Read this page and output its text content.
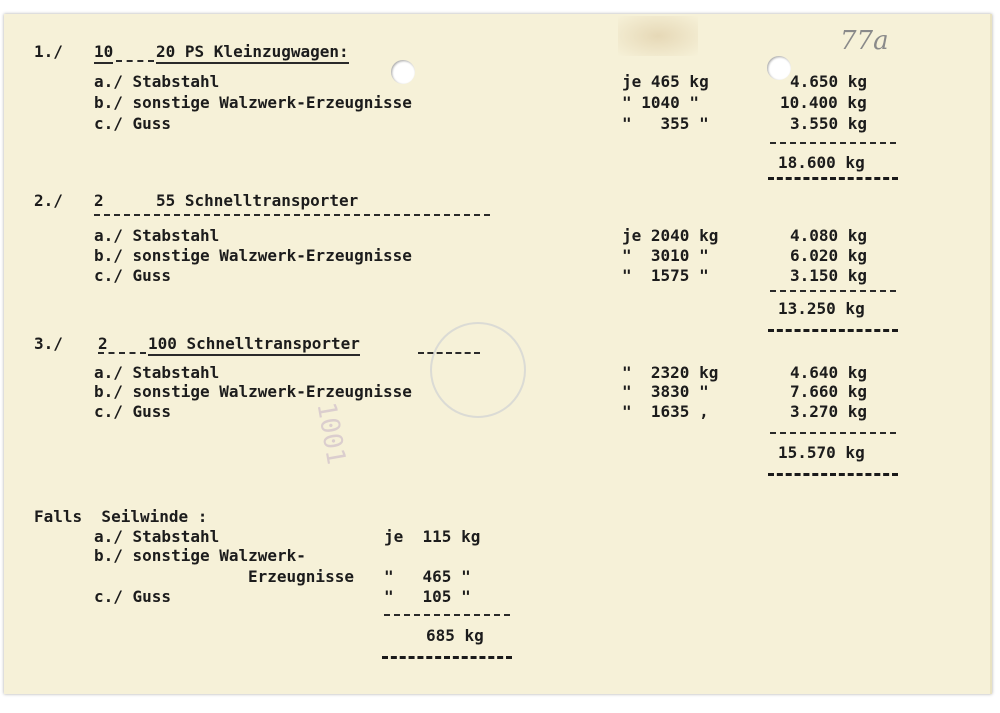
1001
77a
1./ 10	20 PS Kleinzugwagen:
a./ Stabstahl	je 465 kg	4.650 kg
b./ sonstige Walzwerk-Erzeugnisse	" 1040 "	10.400 kg
c./ Guss	"   355 "	3.550 kg
18.600 kg
2./ 2	55 Schnelltransporter
a./ Stabstahl	je 2040 kg	4.080 kg
b./ sonstige Walzwerk-Erzeugnisse	"  3010 "	6.020 kg
c./ Guss	"  1575 "	3.150 kg
13.250 kg
3./ 2	100 Schnelltransporter
a./ Stabstahl	"  2320 kg	4.640 kg
b./ sonstige Walzwerk-Erzeugnisse	"  3830 "	7.660 kg
c./ Guss	"  1635 ,	3.270 kg
15.570 kg
Falls  Seilwinde :
a./ Stabstahl	je  115 kg
b./ sonstige Walzwerk-
Erzeugnisse "   465 "
c./ Guss	"   105 "
685 kg
